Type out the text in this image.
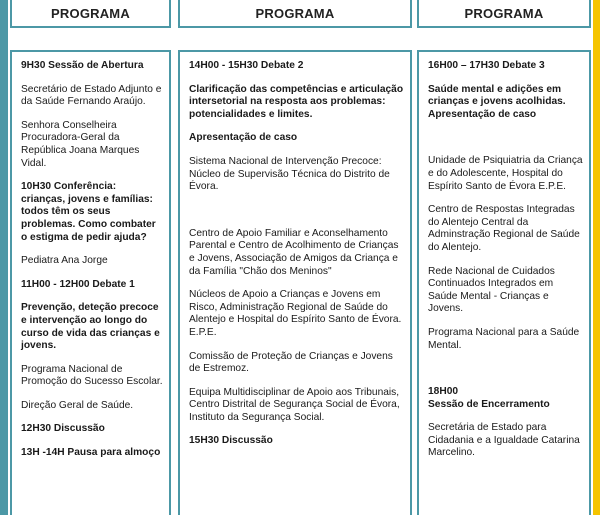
PROGRAMA	PROGRAMA	PROGRAMA

9H30 Sessão de Abertura

Secretário de Estado Adjunto e da Saúde Fernando Araújo.

Senhora Conselheira Procuradora-Geral da República Joana Marques Vidal.

10H30 Conferência: crianças, jovens e famílias: todos têm os seus problemas. Como combater o estigma de pedir ajuda?

Pediatra Ana Jorge

11H00 - 12H00 Debate 1

Prevenção, deteção precoce e intervenção ao longo do curso de vida das crianças e jovens.

Programa Nacional de Promoção do Sucesso Escolar.

Direção Geral de Saúde.

12H30 Discussão

13H -14H Pausa para almoço

14H00 - 15H30 Debate 2

Clarificação das competências e articulação intersetorial na resposta aos problemas: potencialidades e limites.

Apresentação de caso

Sistema Nacional de Intervenção Precoce: Núcleo de Supervisão Técnica do Distrito de Évora.

Centro de Apoio Familiar e Aconselhamento Parental e Centro de Acolhimento de Crianças e Jovens, Associação de Amigos da Criança e da Família "Chão dos Meninos"

Núcleos de Apoio a Crianças e Jovens em Risco, Administração Regional de Saúde do Alentejo e Hospital do Espírito Santo de Évora. E.P.E.

Comissão de Proteção de Crianças e Jovens de Estremoz.

Equipa Multidisciplinar de Apoio aos Tribunais, Centro Distrital de Segurança Social de Évora, Instituto da Segurança Social.

15H30 Discussão

16H00 – 17H30 Debate 3

Saúde mental e adições em crianças e jovens acolhidas. Apresentação de caso

Unidade de Psiquiatria da Criança e do Adolescente, Hospital do Espírito Santo de Évora E.P.E.

Centro de Respostas Integradas do Alentejo Central da Adminstração Regional de Saúde do Alentejo.

Rede Nacional de Cuidados Continuados Integrados em Saúde Mental - Crianças e Jovens.

Programa Nacional para a Saúde Mental.

18H00

Sessão de Encerramento

Secretária de Estado para Cidadania e a Igualdade Catarina Marcelino.
